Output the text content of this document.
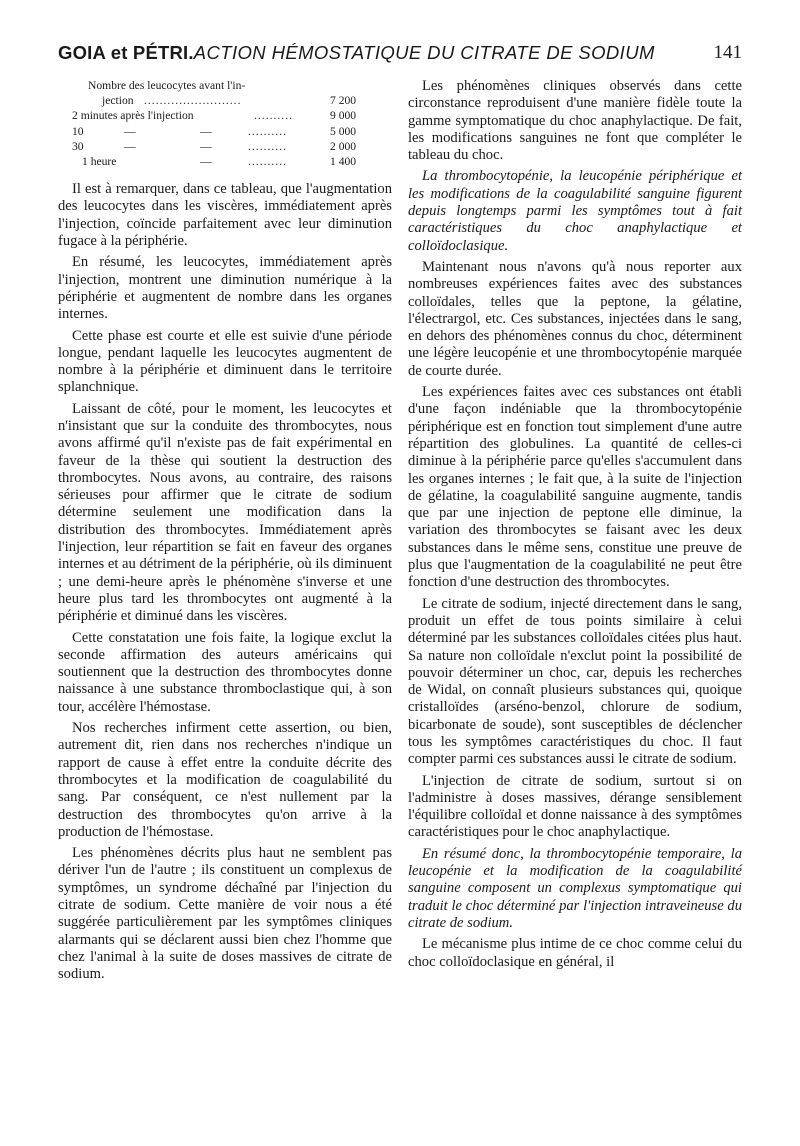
GOIA et PÉTRI.ACTION HÉMOSTATIQUE DU CITRATE DE SODIUM	141
Nombre des leucocytes avant l'in-
jection .........................	7 200
2 minutes après l'injection	..........	9 000
10	—	—	..........	5 000
30	—	—	..........	2 000
1 heure	—	..........	1 400

Il est à remarquer, dans ce tableau, que l'augmentation des leucocytes dans les viscères, immédiatement après l'injection, coïncide parfaitement avec leur diminution fugace à la périphérie.

En résumé, les leucocytes, immédiatement après l'injection, montrent une diminution numérique à la périphérie et augmentent de nombre dans les organes internes.

Cette phase est courte et elle est suivie d'une période longue, pendant laquelle les leucocytes augmentent de nombre à la périphérie et diminuent dans le territoire splanchnique.

Laissant de côté, pour le moment, les leucocytes et n'insistant que sur la conduite des thrombocytes, nous avons affirmé qu'il n'existe pas de fait expérimental en faveur de la thèse qui soutient la destruction des thrombocytes. Nous avons, au contraire, des raisons sérieuses pour affirmer que le citrate de sodium détermine seulement une modification dans la distribution des thrombocytes. Immédiatement après l'injection, leur répartition se fait en faveur des organes internes et au détriment de la périphérie, où ils diminuent ; une demi-heure après le phénomène s'inverse et une heure plus tard les thrombocytes ont augmenté à la périphérie et diminué dans les viscères.

Cette constatation une fois faite, la logique exclut la seconde affirmation des auteurs américains qui soutiennent que la destruction des thrombocytes donne naissance à une substance thromboclastique qui, à son tour, accélère l'hémostase.

Nos recherches infirment cette assertion, ou bien, autrement dit, rien dans nos recherches n'indique un rapport de cause à effet entre la conduite décrite des thrombocytes et la modification de coagulabilité du sang. Par conséquent, ce n'est nullement par la destruction des thrombocytes qu'on arrive à la production de l'hémostase.

Les phénomènes décrits plus haut ne semblent pas dériver l'un de l'autre ; ils constituent un complexus de symptômes, un syndrome déchaîné par l'injection du citrate de sodium. Cette manière de voir nous a été suggérée particulièrement par les symptômes cliniques alarmants qui se déclarent aussi bien chez l'homme que chez l'animal à la suite de doses massives de citrate de sodium.

Les phénomènes cliniques observés dans cette circonstance reproduisent d'une manière fidèle toute la gamme symptomatique du choc anaphylactique. De fait, les modifications sanguines ne font que compléter le tableau du choc.

La thrombocytopénie, la leucopénie périphérique et les modifications de la coagulabilité sanguine figurent depuis longtemps parmi les symptômes tout à fait caractéristiques du choc anaphylactique et colloïdoclasique.

Maintenant nous n'avons qu'à nous reporter aux nombreuses expériences faites avec des substances colloïdales, telles que la peptone, la gélatine, l'électrargol, etc. Ces substances, injectées dans le sang, en dehors des phénomènes connus du choc, déterminent une légère leucopénie et une thrombocytopénie marquée de courte durée.

Les expériences faites avec ces substances ont établi d'une façon indéniable que la thrombocytopénie périphérique est en fonction tout simplement d'une autre répartition des globulines. La quantité de celles-ci diminue à la périphérie parce qu'elles s'accumulent dans les organes internes ; le fait que, à la suite de l'injection de gélatine, la coagulabilité sanguine augmente, tandis que par une injection de peptone elle diminue, la variation des thrombocytes se faisant avec les deux substances dans le même sens, constitue une preuve de plus que l'augmentation de la coagulabilité ne peut être fonction d'une destruction des thrombocytes.

Le citrate de sodium, injecté directement dans le sang, produit un effet de tous points similaire à celui déterminé par les substances colloïdales citées plus haut. Sa nature non colloïdale n'exclut point la possibilité de pouvoir déterminer un choc, car, depuis les recherches de Widal, on connaît plusieurs substances qui, quoique cristalloïdes (arséno-benzol, chlorure de sodium, bicarbonate de soude), sont susceptibles de déclencher tous les symptômes caractéristiques du choc. Il faut compter parmi ces substances aussi le citrate de sodium.

L'injection de citrate de sodium, surtout si on l'administre à doses massives, dérange sensiblement l'équilibre colloïdal et donne naissance à des symptômes caractéristiques pour le choc anaphylactique.

En résumé donc, la thrombocytopénie temporaire, la leucopénie et la modification de la coagulabilité sanguine composent un complexus symptomatique qui traduit le choc déterminé par l'injection intraveineuse du citrate de sodium.

Le mécanisme plus intime de ce choc comme celui du choc colloïdoclasique en général, il
